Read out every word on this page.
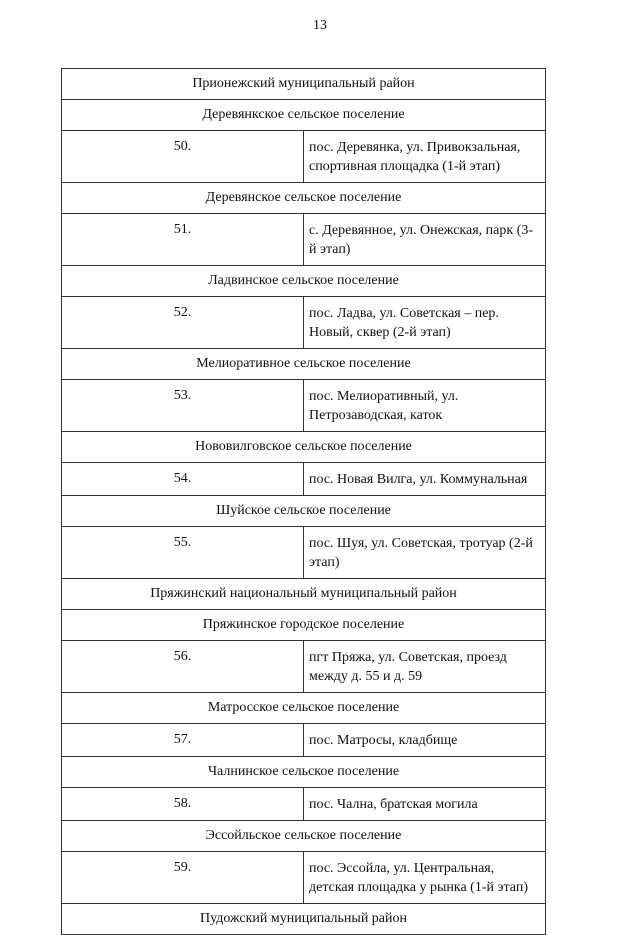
13
Прионежский муниципальный район	
Деревянкское сельское поселение	
50.	пос. Деревянка, ул. Привокзальная, спортивная площадка (1-й этап)
Деревянское сельское поселение	
51.	с. Деревянное, ул. Онежская, парк (3-й этап)
Ладвинское сельское поселение	
52.	пос. Ладва, ул. Советская – пер. Новый, сквер (2-й этап)
Мелиоративное сельское поселение	
53.	пос. Мелиоративный, ул. Петрозаводская, каток
Нововилговское сельское поселение	
54.	пос. Новая Вилга, ул. Коммунальная
Шуйское сельское поселение	
55.	пос. Шуя, ул. Советская, тротуар (2-й этап)
Пряжинский национальный муниципальный район	
Пряжинское городское поселение	
56.	пгт Пряжа, ул. Советская, проезд между д. 55 и д. 59
Матросское сельское поселение	
57.	пос. Матросы, кладбище
Чалнинское сельское поселение	
58.	пос. Чална, братская могила
Эссойльское сельское поселение	
59.	пос. Эссойла, ул. Центральная, детская площадка у рынка (1-й этап)
Пудожский муниципальный район	
